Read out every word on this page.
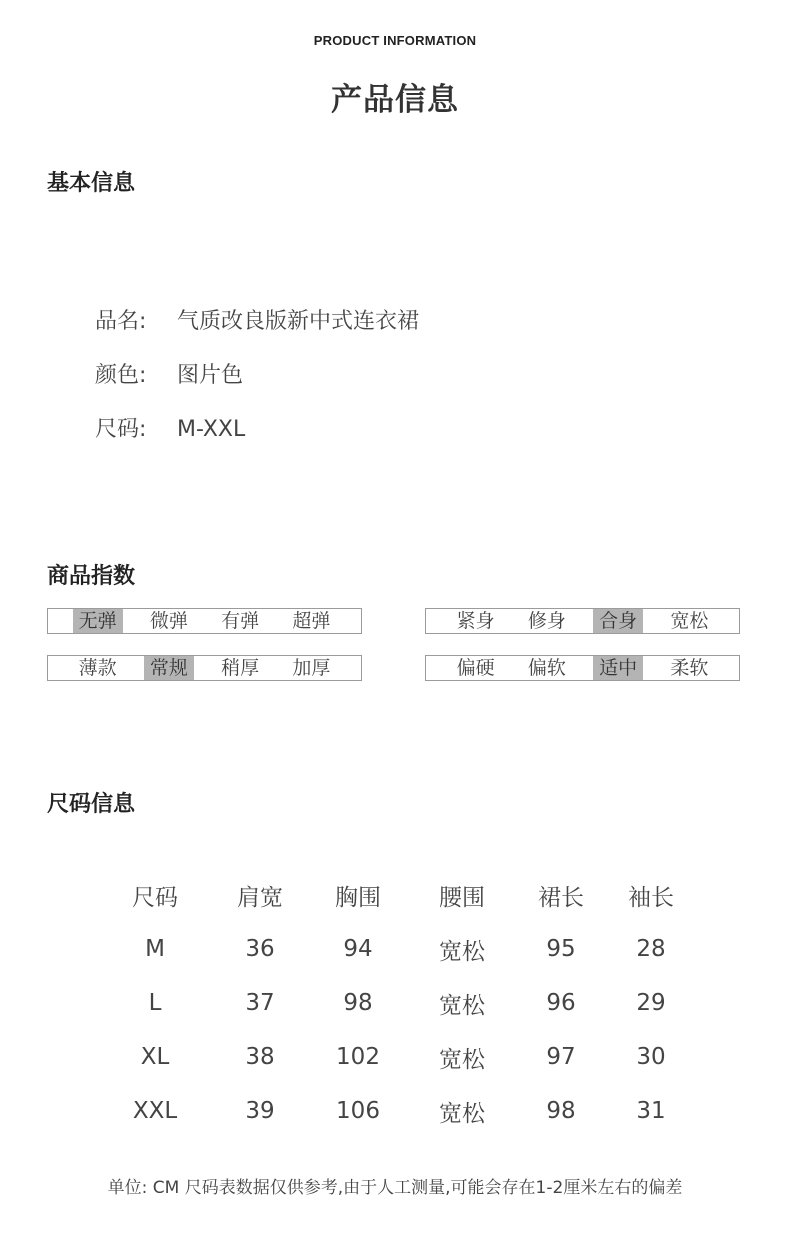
PRODUCT INFORMATION
产品信息
基本信息
品名: 气质改良版新中式连衣裙
颜色: 图片色
尺码: M-XXL
商品指数
无弹	微弹	有弹	超弹	紧身	修身	合身	宽松
薄款	常规	稍厚	加厚	偏硬	偏软	适中	柔软
尺码信息
尺码	肩宽	胸围	腰围	裙长	袖长
M	36	94	宽松	95	28
L	37	98	宽松	96	29
XL	38	102	宽松	97	30
XXL	39	106	宽松	98	31
单位: CM 尺码表数据仅供参考,由于人工测量,可能会存在1-2厘米左右的偏差
